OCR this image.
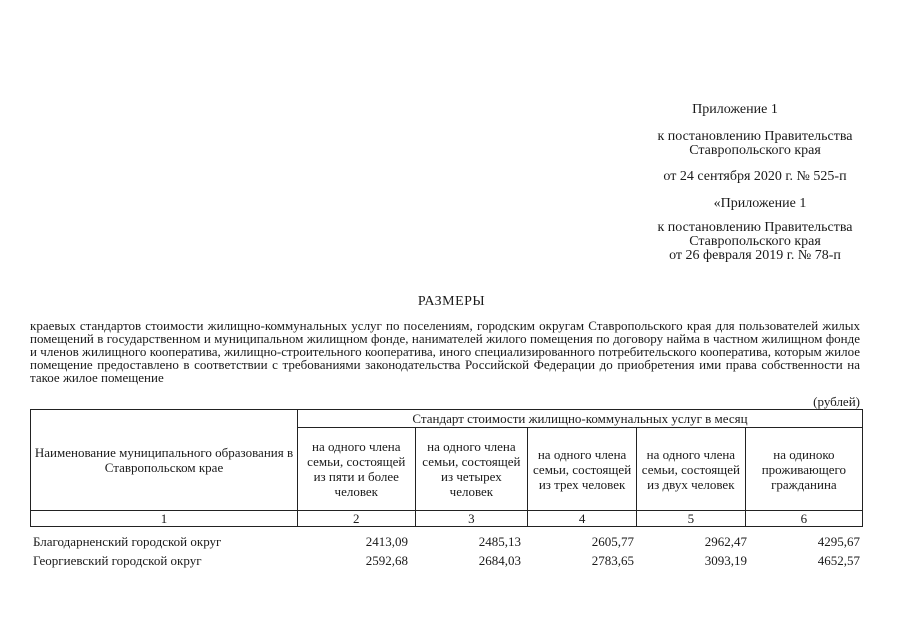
Приложение 1
к постановлению Правительства
Ставропольского края
от 24 сентября 2020 г. № 525-п
«Приложение 1
к постановлению Правительства
Ставропольского края
от 26 февраля 2019 г. № 78-п
РАЗМЕРЫ
краевых стандартов стоимости жилищно-коммунальных услуг по поселениям, городским округам Ставропольского края для пользователей жилых помещений в государственном и муниципальном жилищном фонде, нанимателей жилого помещения по договору найма в частном жилищном фонде и членов жилищного кооператива, жилищно-строительного кооператива, иного специализированного потребительского кооператива, которым жилое помещение предоставлено в соответствии с требованиями законодательства Российской Федерации до приобретения ими права собственности на такое жилое помещение
(рублей)
Наименование муниципального образования в Ставропольском крае	Стандарт стоимости жилищно-коммунальных услуг в месяц				
	на одного члена семьи, состоящей из пяти и более человек	на одного члена семьи, состоящей из четырех человек	на одного члена семьи, состоящей из трех человек	на одного члена семьи, состоящей из двух человек	на одиноко проживающего гражданина
1	2	3	4	5	6
Благодарненский городской округ	2413,09	2485,13	2605,77	2962,47	4295,67
Георгиевский городской округ	2592,68	2684,03	2783,65	3093,19	4652,57
